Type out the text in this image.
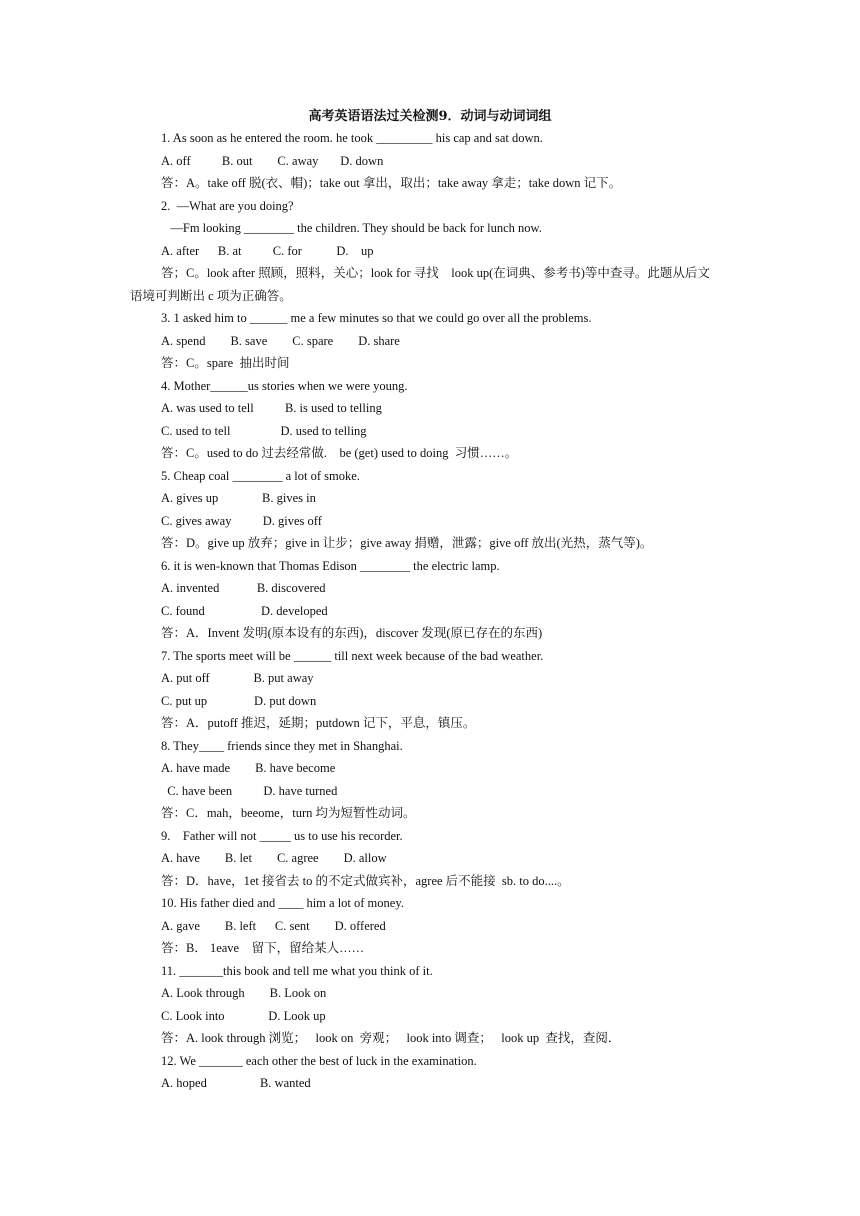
高考英语语法过关检测9．动词与动词词组
1. As soon as he entered the room. he took _________ his cap and sat down.
A. off          B. out        C. away       D. down
答：A。take off 脱(衣、帽)；take out 拿出，取出；take away 拿走；take down 记下。
2.  —What are you doing?
—Fm looking ________ the children. They should be back for lunch now.
A. after      B. at          C. for           D.    up
答；C。look after 照顾，照料，关心；look for 寻找    look up(在词典、参考书)等中查寻。此题从后文
语境可判断出 c 项为正确答。
3. 1 asked him to ______ me a few minutes so that we could go over all the problems.
A. spend        B. save        C. spare        D. share
答：C。spare  抽出时间
4. Mother______us stories when we were young.
A. was used to tell          B. is used to telling
C. used to tell                D. used to telling
答：C。used to do 过去经常做.    be (get) used to doing  习惯……。
5. Cheap coal ________ a lot of smoke.
A. gives up              B. gives in
C. gives away          D. gives off
答：D。give up 放弃；give in 让步；give away 捐赠，泄露；give off 放出(光热，蒸气等)。
6. it is wen-known that Thomas Edison ________ the electric lamp.
A. invented            B. discovered
C. found                  D. developed
答：A．Invent 发明(原本设有的东西)，discover 发现(原已存在的东西)
7. The sports meet will be ______ till next week because of the bad weather.
A. put off              B. put away
C. put up               D. put down
答：A．putoff 推迟，延期；putdown 记下，平息，镇压。
8. They____ friends since they met in Shanghai.
A. have made        B. have become
C. have been          D. have turned
答：C．mah，beeome，turn 均为短暂性动词。
9.    Father will not _____ us to use his recorder.
A. have        B. let        C. agree        D. allow
答：D．have，1et 接省去 to 的不定式做宾补，agree 后不能接  sb. to do....。
10. His father died and ____ him a lot of money.
A. gave        B. left      C. sent        D. offered
答：B． 1eave    留下，留给某人……
11. _______this book and tell me what you think of it.
A. Look through        B. Look on
C. Look into              D. Look up
答：A. look through 浏览；   look on  旁观；   look into 调查；   look up  查找，查阅．
12. We _______ each other the best of luck in the examination.
A. hoped                 B. wanted
